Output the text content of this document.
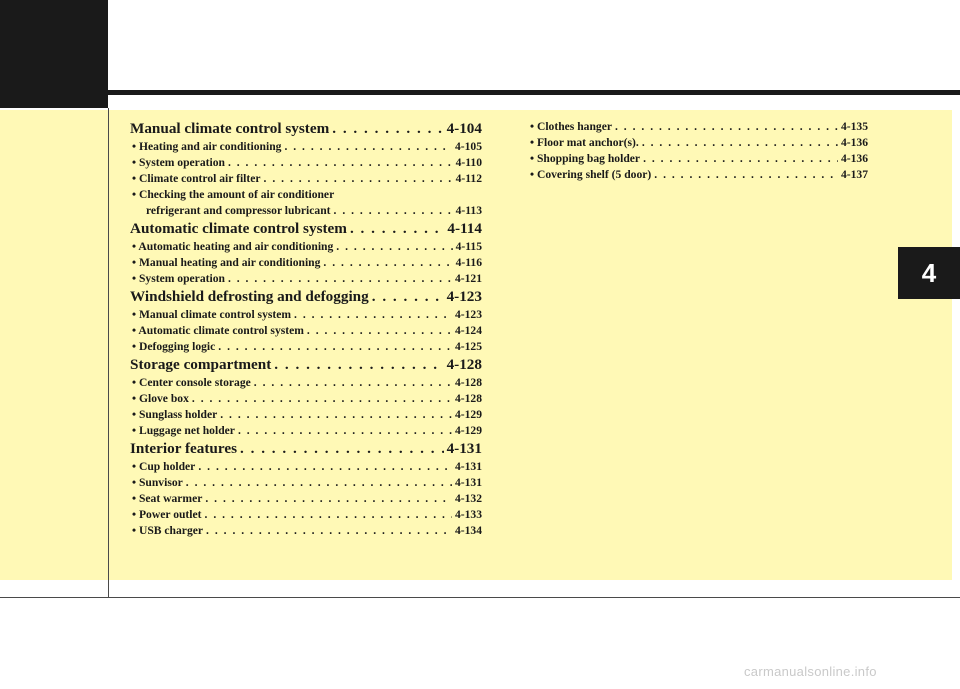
4
Manual climate control system . . .	4-104
• Heating and air conditioning . . .	4-105
• System operation . . .	4-110
• Climate control air filter . . .	4-112
• Checking the amount of air conditioner
refrigerant and compressor lubricant . . .	4-113
Automatic climate control system . . .	4-114
• Automatic heating and air conditioning . . .	4-115
• Manual heating and air conditioning . . .	4-116
• System operation . . .	4-121
Windshield defrosting and defogging . . .	4-123
• Manual climate control system . . .	4-123
• Automatic climate control system . . .	4-124
• Defogging logic . . .	4-125
Storage compartment . . .	4-128
• Center console storage . . .	4-128
• Glove box . . .	4-128
• Sunglass holder . . .	4-129
• Luggage net holder . . .	4-129
Interior features . . .	4-131
• Cup holder . . .	4-131
• Sunvisor . . .	4-131
• Seat warmer . . .	4-132
• Power outlet . . .	4-133
• USB charger . . .	4-134
• Clothes hanger . . .	4-135
• Floor mat anchor(s). . . .	4-136
• Shopping bag holder . . .	4-136
• Covering shelf (5 door) . . .	4-137
carmanualsonline.info
